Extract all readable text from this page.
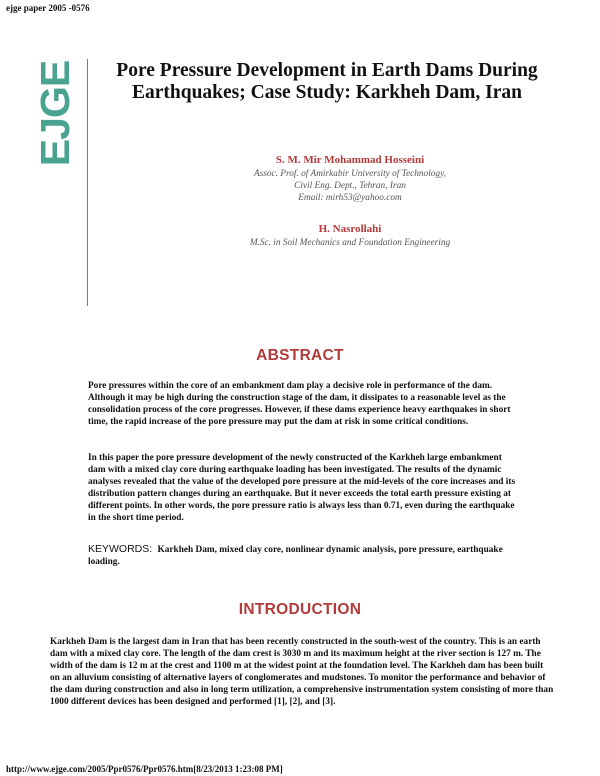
ejge paper 2005 -0576
EJGE	Pore Pressure Development in Earth Dams During
Earthquakes; Case Study: Karkheh Dam, Iran
S. M. Mir Mohammad Hosseini
Assoc. Prof. of Amirkabir University of Technology,
Civil Eng. Dept., Tehran, Iran
Email: mirh53@yahoo.com
H. Nasrollahi
M.Sc. in Soil Mechanics and Foundation Engineering
ABSTRACT

Pore pressures within the core of an embankment dam play a decisive role in performance of the dam. Although it may be high during the construction stage of the dam, it dissipates to a reasonable level as the consolidation process of the core progresses. However, if these dams experience heavy earthquakes in short time, the rapid increase of the pore pressure may put the dam at risk in some critical conditions.

In this paper the pore pressure development of the newly constructed of the Karkheh large embankment dam with a mixed clay core during earthquake loading has been investigated. The results of the dynamic analyses revealed that the value of the developed pore pressure at the mid-levels of the core increases and its distribution pattern changes during an earthquake. But it never exceeds the total earth pressure existing at different points. In other words, the pore pressure ratio is always less than 0.71, even during the earthquake in the short time period.

KEYWORDS: Karkheh Dam, mixed clay core, nonlinear dynamic analysis, pore pressure, earthquake loading.

INTRODUCTION

Karkheh Dam is the largest dam in Iran that has been recently constructed in the south-west of the country. This is an earth dam with a mixed clay core. The length of the dam crest is 3030 m and its maximum height at the river section is 127 m. The width of the dam is 12 m at the crest and 1100 m at the widest point at the foundation level. The Karkheh dam has been built on an alluvium consisting of alternative layers of conglomerates and mudstones. To monitor the performance and behavior of the dam during construction and also in long term utilization, a comprehensive instrumentation system consisting of more than 1000 different devices has been designed and performed [1], [2], and [3].

http://www.ejge.com/2005/Ppr0576/Ppr0576.htm[8/23/2013 1:23:08 PM]
